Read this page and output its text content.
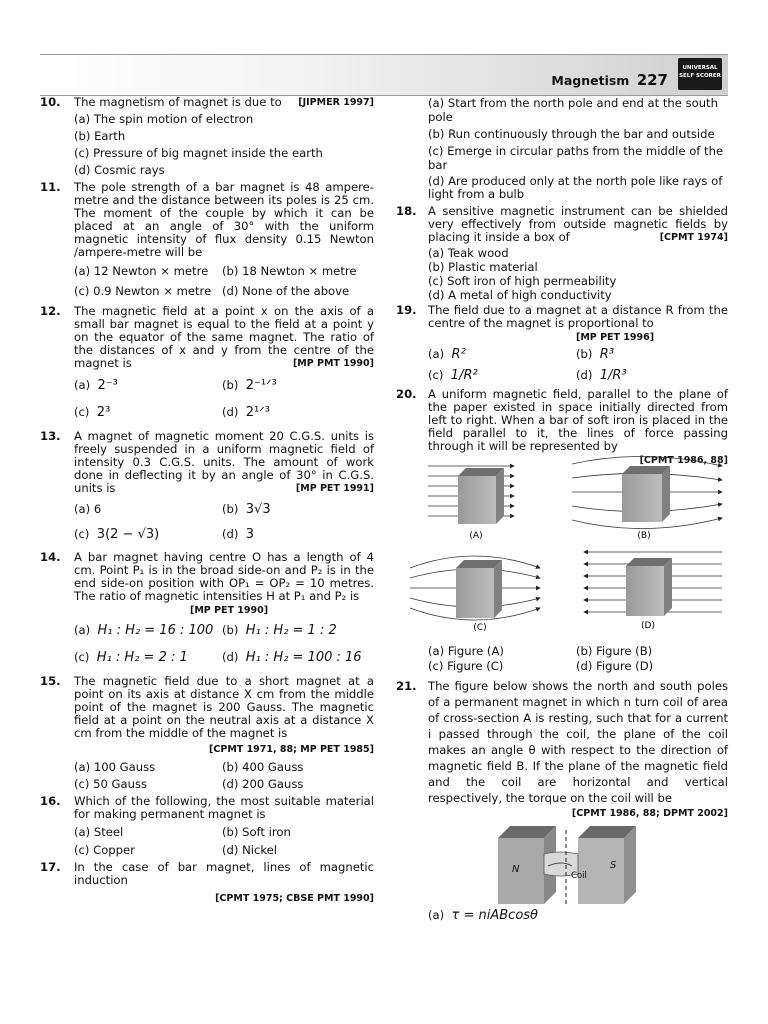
Magnetism 227
UNIVERSAL
SELF SCORER
10. The magnetism of magnet is due to [JIPMER 1997]
(a) The spin motion of electron
(b) Earth
(c) Pressure of big magnet inside the earth
(d) Cosmic rays
11. The pole strength of a bar magnet is 48 ampere-metre and the distance between its poles is 25 cm. The moment of the couple by which it can be placed at an angle of 30° with the uniform magnetic intensity of flux density 0.15 Newton /ampere-metre will be
(a) 12 Newton × metre	(b) 18 Newton × metre
(c) 0.9 Newton × metre (d) None of the above
12. The magnetic field at a point x on the axis of a small bar magnet is equal to the field at a point y on the equator of the same magnet. The ratio of the distances of x and y from the centre of the magnet is	[MP PMT 1990]
(a) 2⁻³	(b) 2⁻¹ᐟ³
(c) 2³	(d) 2¹ᐟ³
13. A magnet of magnetic moment 20 C.G.S. units is freely suspended in a uniform magnetic field of intensity 0.3 C.G.S. units. The amount of work done in deflecting it by an angle of 30° in C.G.S. units is	[MP PET 1991]
(a) 6	(b) 3√3
(c) 3(2 − √3)	(d) 3
14. A bar magnet having centre O has a length of 4 cm. Point P₁ is in the broad side-on and P₂ is in the end side-on position with OP₁ = OP₂ = 10 metres. The ratio of magnetic intensities H at P₁ and P₂ is
[MP PET 1990]
(a) H₁ : H₂ = 16 : 100 (b) H₁ : H₂ = 1 : 2
(c) H₁ : H₂ = 2 : 1	(d) H₁ : H₂ = 100 : 16
15. The magnetic field due to a short magnet at a point on its axis at distance X cm from the middle point of the magnet is 200 Gauss. The magnetic field at a point on the neutral axis at a distance X cm from the middle of the magnet is
[CPMT 1971, 88; MP PET 1985]
(a) 100 Gauss	(b) 400 Gauss
(c) 50 Gauss	(d) 200 Gauss
16. Which of the following, the most suitable material for making permanent magnet is
(a) Steel	(b) Soft iron
(c) Copper	(d) Nickel
17. In the case of bar magnet, lines of magnetic induction
[CPMT 1975; CBSE PMT 1990]
(a) Start from the north pole and end at the south pole
(b) Run continuously through the bar and outside
(c) Emerge in circular paths from the middle of the bar
(d) Are produced only at the north pole like rays of light from a bulb
18. A sensitive magnetic instrument can be shielded very effectively from outside magnetic fields by placing it inside a box of	[CPMT 1974]
(a) Teak wood
(b) Plastic material
(c) Soft iron of high permeability
(d) A metal of high conductivity
19. The field due to a magnet at a distance R from the centre of the magnet is proportional to
[MP PET 1996]
(a) R²	(b) R³
(c) 1/R²	(d) 1/R³
20. A uniform magnetic field, parallel to the plane of the paper existed in space initially directed from left to right. When a bar of soft iron is placed in the field parallel to it, the lines of force passing through it will be represented by
[CPMT 1986, 88]
(A)	(B)
(C)	(D)
(a) Figure (A)	(b) Figure (B)
(c) Figure (C)	(d) Figure (D)
21. The figure below shows the north and south poles of a permanent magnet in which n turn coil of area of cross-section A is resting, such that for a current i passed through the coil, the plane of the coil makes an angle θ with respect to the direction of magnetic field B. If the plane of the magnetic field and the coil are horizontal and vertical respectively, the torque on the coil will be
[CPMT 1986, 88; DPMT 2002]
N	S
Coil
(a) τ = niABcosθ
